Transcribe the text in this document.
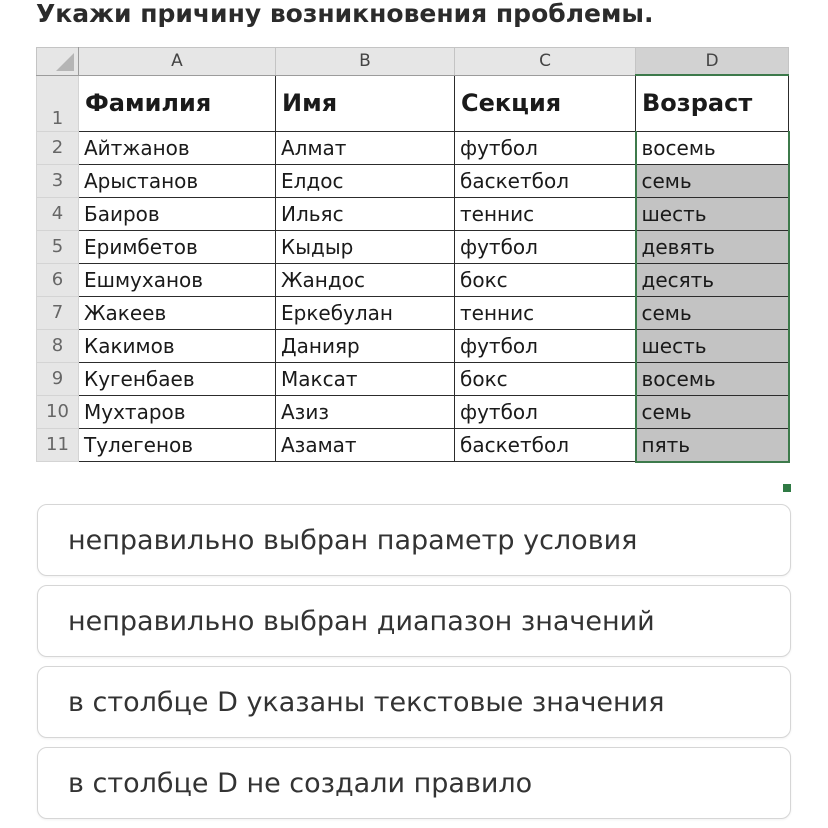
Укажи причину возникновения проблемы.
	A	B	C	D
1	Фамилия	Имя	Секция	Возраст
2	Айтжанов	Алмат	футбол	восемь
3	Арыстанов	Елдос	баскетбол	семь
4	Баиров	Ильяс	теннис	шесть
5	Еримбетов	Кыдыр	футбол	девять
6	Ешмуханов	Жандос	бокс	десять
7	Жакеев	Еркебулан	теннис	семь
8	Какимов	Данияр	футбол	шесть
9	Кугенбаев	Максат	бокс	восемь
10	Мухтаров	Азиз	футбол	семь
11	Тулегенов	Азамат	баскетбол	пять
неправильно выбран параметр условия
неправильно выбран диапазон значений
в столбце D указаны текстовые значения
в столбце D не создали правило
